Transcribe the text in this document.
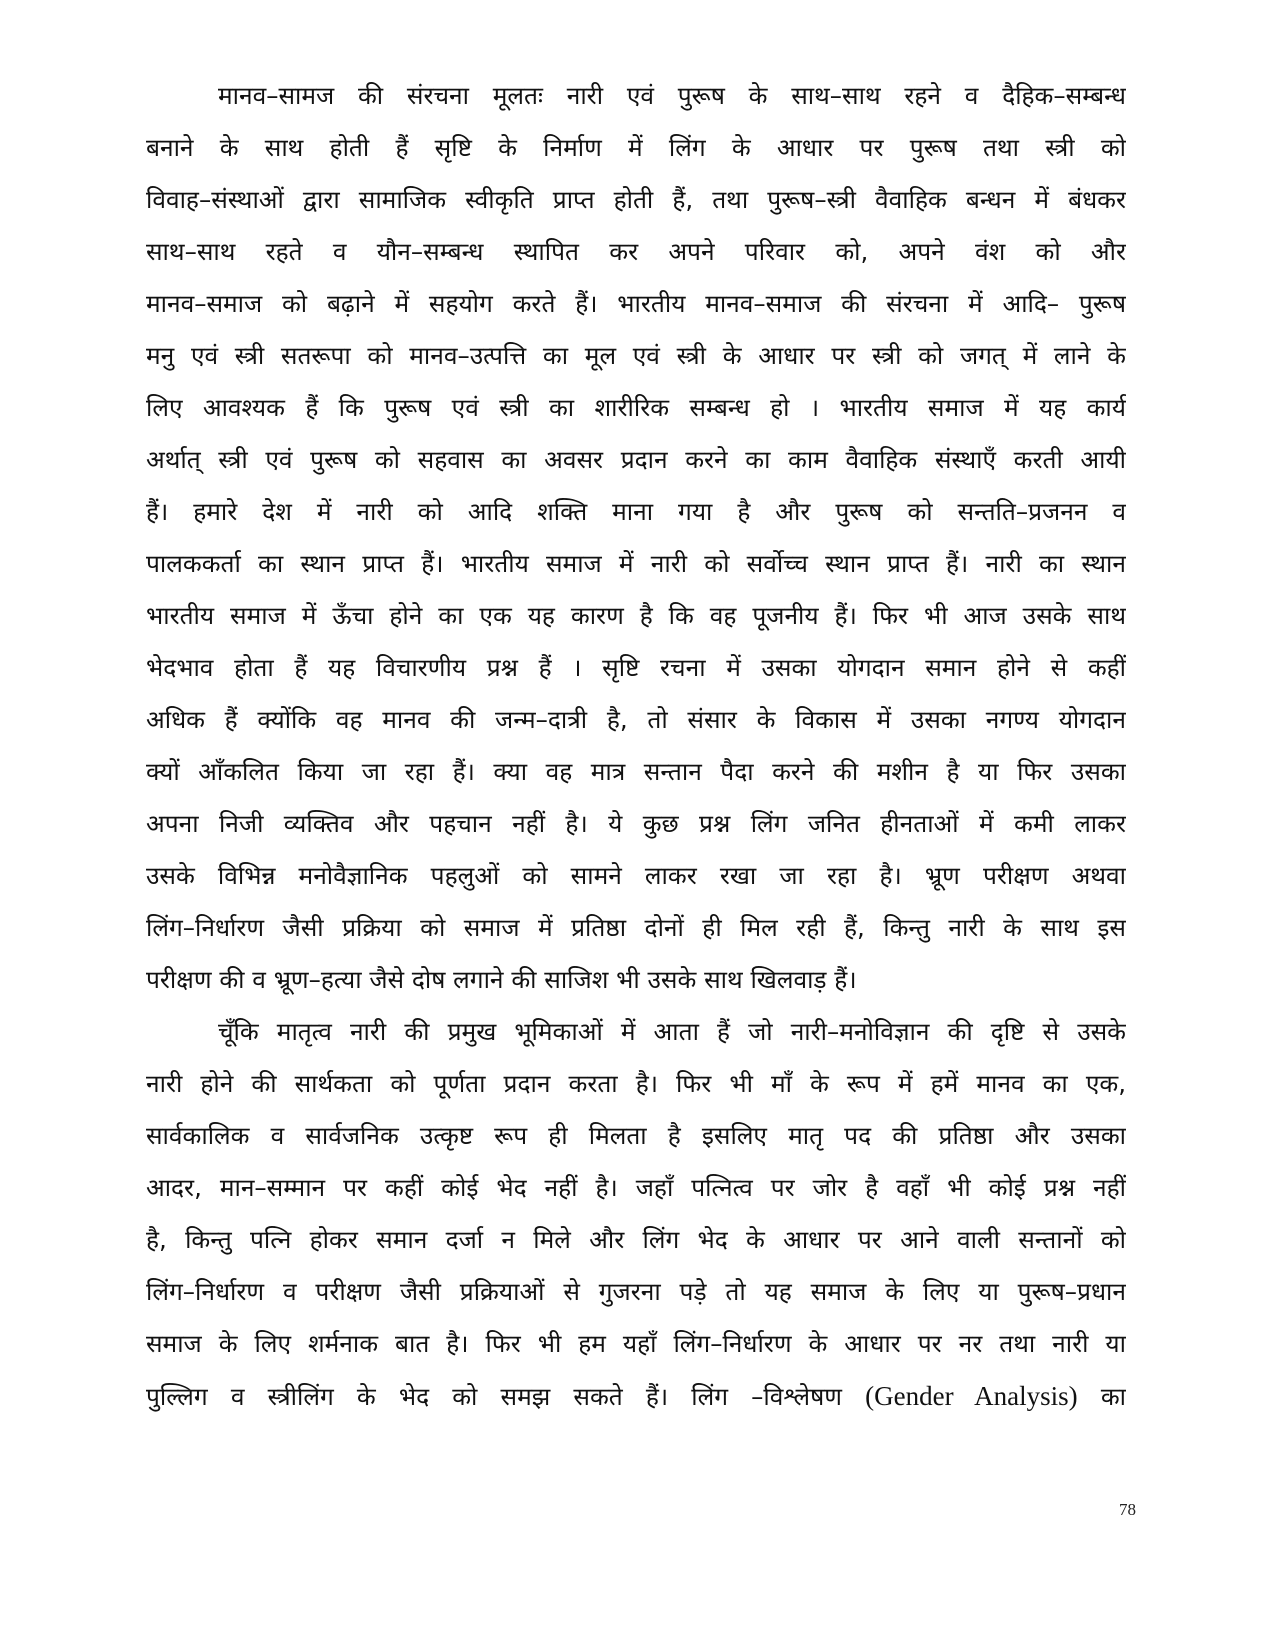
मानव–सामज की संरचना मूलतः नारी एवं पुरूष के साथ–साथ रहने व दैहिक–सम्बन्ध
बनाने के साथ होती हैं सृष्टि के निर्माण में लिंग के आधार पर पुरूष तथा स्त्री को
विवाह–संस्थाओं द्वारा सामाजिक स्वीकृति प्राप्त होती हैं, तथा पुरूष–स्त्री वैवाहिक बन्धन में बंधकर
साथ–साथ रहते व यौन–सम्बन्ध स्थापित कर अपने परिवार को, अपने वंश को और
मानव–समाज को बढ़ाने में सहयोग करते हैं। भारतीय मानव–समाज की संरचना में आदि– पुरूष
मनु एवं स्त्री सतरूपा को मानव–उत्पत्ति का मूल एवं स्त्री के आधार पर स्त्री को जगत् में लाने के
लिए आवश्यक हैं कि पुरूष एवं स्त्री का शारीरिक सम्बन्ध हो । भारतीय समाज में यह कार्य
अर्थात् स्त्री एवं पुरूष को सहवास का अवसर प्रदान करने का काम वैवाहिक संस्थाएँ करती आयी
हैं। हमारे देश में नारी को आदि शक्ति माना गया है और पुरूष को सन्तति–प्रजनन व
पालककर्ता का स्थान प्राप्त हैं। भारतीय समाज में नारी को सर्वोच्च स्थान प्राप्त हैं। नारी का स्थान
भारतीय समाज में ऊँचा होने का एक यह कारण है कि वह पूजनीय हैं। फिर भी आज उसके साथ
भेदभाव होता हैं यह विचारणीय प्रश्न हैं । सृष्टि रचना में उसका योगदान समान होने से कहीं
अधिक हैं क्योंकि वह मानव की जन्म–दात्री है, तो संसार के विकास में उसका नगण्य योगदान
क्यों आँकलित किया जा रहा हैं। क्या वह मात्र सन्तान पैदा करने की मशीन है या फिर उसका
अपना निजी व्यक्तिव और पहचान नहीं है। ये कुछ प्रश्न लिंग जनित हीनताओं में कमी लाकर
उसके विभिन्न मनोवैज्ञानिक पहलुओं को सामने लाकर रखा जा रहा है। भ्रूण परीक्षण अथवा
लिंग–निर्धारण जैसी प्रक्रिया को समाज में प्रतिष्ठा दोनों ही मिल रही हैं, किन्तु नारी के साथ इस
परीक्षण की व भ्रूण–हत्या जैसे दोष लगाने की साजिश भी उसके साथ खिलवाड़ हैं।
चूँकि मातृत्व नारी की प्रमुख भूमिकाओं में आता हैं जो नारी–मनोविज्ञान की दृष्टि से उसके
नारी होने की सार्थकता को पूर्णता प्रदान करता है। फिर भी माँ के रूप में हमें मानव का एक,
सार्वकालिक व सार्वजनिक उत्कृष्ट रूप ही मिलता है इसलिए मातृ पद की प्रतिष्ठा और उसका
आदर, मान–सम्मान पर कहीं कोई भेद नहीं है। जहाँ पत्नित्व पर जोर है वहाँ भी कोई प्रश्न नहीं
है, किन्तु पत्नि होकर समान दर्जा न मिले और लिंग भेद के आधार पर आने वाली सन्तानों को
लिंग–निर्धारण व परीक्षण जैसी प्रक्रियाओं से गुजरना पड़े तो यह समाज के लिए या पुरूष–प्रधान
समाज के लिए शर्मनाक बात है। फिर भी हम यहाँ लिंग–निर्धारण के आधार पर नर तथा नारी या
पुल्लिग व स्त्रीलिंग के भेद को समझ सकते हैं। लिंग –विश्लेषण (Gender Analysis) का
78
